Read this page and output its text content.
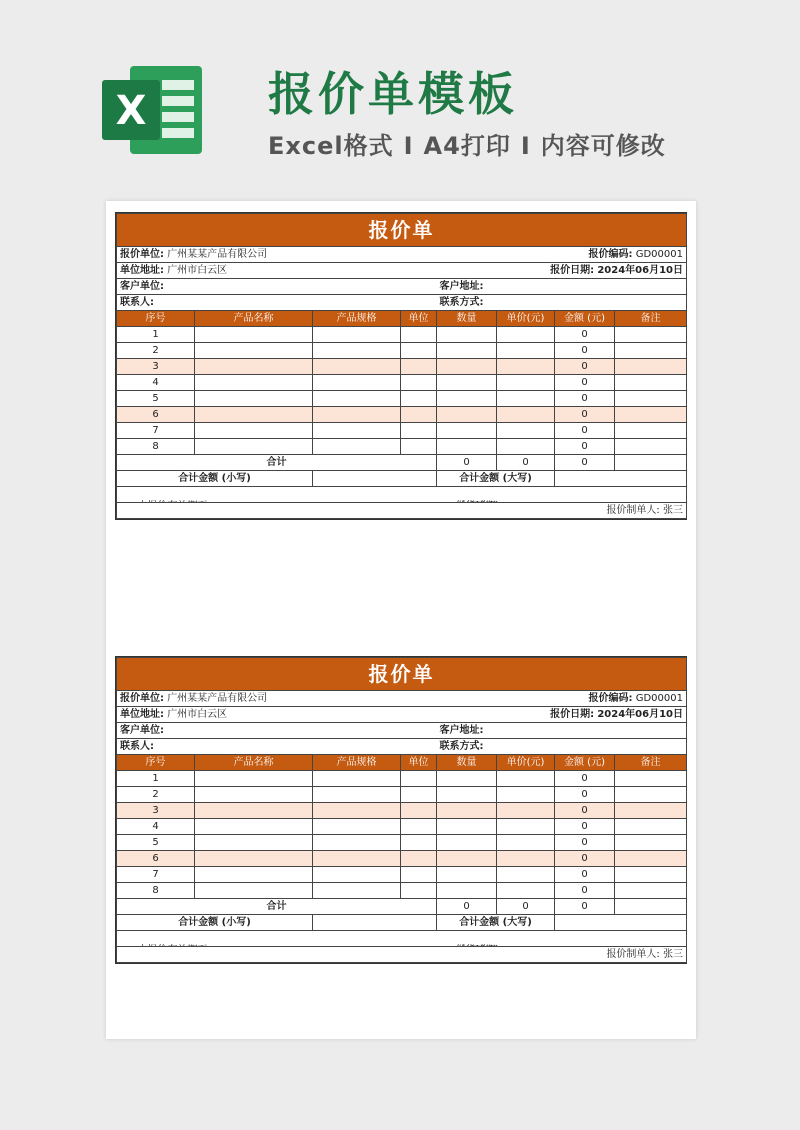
X	报价单模板
Excel格式 I A4打印 I 内容可修改
报价单							
报价单位: 广州某某产品有限公司				报价编码: GD00001			
单位地址: 广州市白云区				报价日期: 2024年06月10日			
客户单位:				客户地址:			
联系人:				联系方式:			
序号	产品名称	产品规格	单位	数量	单价(元)	金额 (元)	备注
1						0	
2						0	
3						0	
4						0	
5						0	
6						0	
7						0	
8						0	
合计				0	0	0	
合计金额 (小写)				合计金额 (大写)			

报价制单人: 张三							
报价单							
报价单位: 广州某某产品有限公司				报价编码: GD00001			
单位地址: 广州市白云区				报价日期: 2024年06月10日			
客户单位:				客户地址:			
联系人:				联系方式:			
序号	产品名称	产品规格	单位	数量	单价(元)	金额 (元)	备注
1						0	
2						0	
3						0	
4						0	
5						0	
6						0	
7						0	
8						0	
合计				0	0	0	
合计金额 (小写)				合计金额 (大写)			

报价制单人: 张三							
